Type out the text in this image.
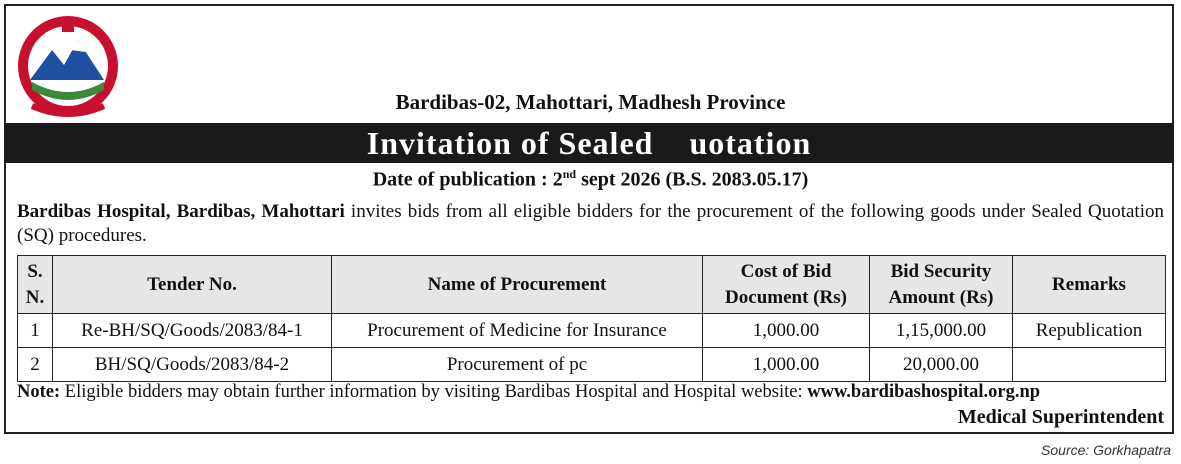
Bardibas-02, Mahottari, Madhesh Province
Invitation of Sealed    uotation
Date of publication : 2nd sept 2026 (B.S. 2083.05.17)
Bardibas Hospital, Bardibas, Mahottari invites bids from all eligible bidders for the procurement of the following goods under Sealed Quotation (SQ) procedures.
S. N.	Tender No.	Name of Procurement	Cost of Bid Document (Rs)	Bid Security Amount (Rs)	Remarks
1	Re-BH/SQ/Goods/2083/84-1	Procurement of Medicine for Insurance	1,000.00	1,15,000.00	Republication
2	BH/SQ/Goods/2083/84-2	Procurement of pc	1,000.00	20,000.00	
Note: Eligible bidders may obtain further information by visiting Bardibas Hospital and Hospital website: www.bardibashospital.org.np
Medical Superintendent
Source: Gorkhapatra
